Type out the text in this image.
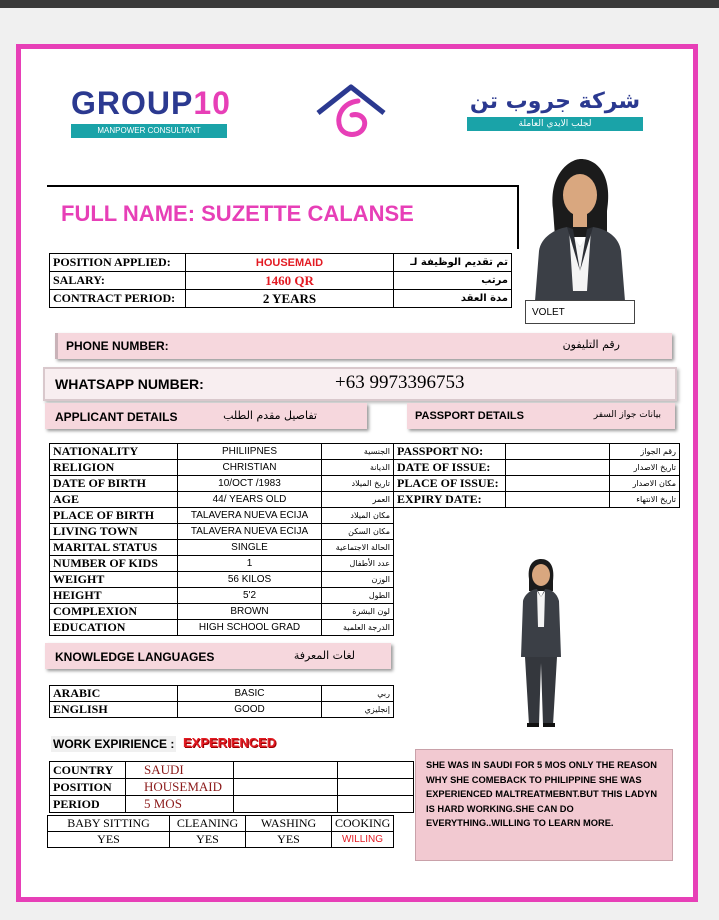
GROUP10
MANPOWER CONSULTANT
شركة جروب تن
لجلب الايدي العاملة
VOLET
FULL NAME: SUZETTE CALANSE
POSITION APPLIED:	HOUSEMAID	تم تقديم الوظيفة لـ
SALARY:	1460 QR	مرتب
CONTRACT PERIOD:	2 YEARS	مدة العقد
PHONE NUMBER:	رقم التليفون
WHATSAPP NUMBER:	+63 9973396753
APPLICANT DETAILS	تفاصيل مقدم الطلب	PASSPORT DETAILS	بيانات جواز السفر
NATIONALITY	PHILIIPNES	الجنسية
RELIGION	CHRISTIAN	الديانة
DATE OF BIRTH	10/OCT /1983	تاريخ الميلاد
AGE	44/ YEARS OLD	العمر
PLACE OF BIRTH	TALAVERA NUEVA ECIJA	مكان الميلاد
LIVING TOWN	TALAVERA NUEVA ECIJA	مكان السكن
MARITAL STATUS	SINGLE	الحالة الاجتماعية
NUMBER OF KIDS	1	عدد الأطفال
WEIGHT	56 KILOS	الوزن
HEIGHT	5'2	الطول
COMPLEXION	BROWN	لون البشرة
EDUCATION	HIGH SCHOOL GRAD	الدرجة العلمية
PASSPORT NO:		رقم الجواز
DATE OF ISSUE:		تاريخ الاصدار
PLACE OF ISSUE:		مكان الاصدار
EXPIRY DATE:		تاريخ الانتهاء
KNOWLEDGE LANGUAGES	لغات المعرفة
ARABIC	BASIC	ربي
ENGLISH	GOOD	إنجليزي
WORK EXPIRIENCE : EXPERIENCED
COUNTRY	SAUDI		
POSITION	HOUSEMAID		
PERIOD	5 MOS		
BABY SITTING	CLEANING	WASHING	COOKING
YES	YES	YES	WILLING
SHE WAS IN SAUDI FOR 5 MOS ONLY THE REASON WHY SHE COMEBACK TO PHILIPPINE SHE WAS EXPERIENCED MALTREATMEBNT.BUT THIS LADYN IS HARD WORKING.SHE CAN DO EVERYTHING..WILLING TO LEARN MORE.
